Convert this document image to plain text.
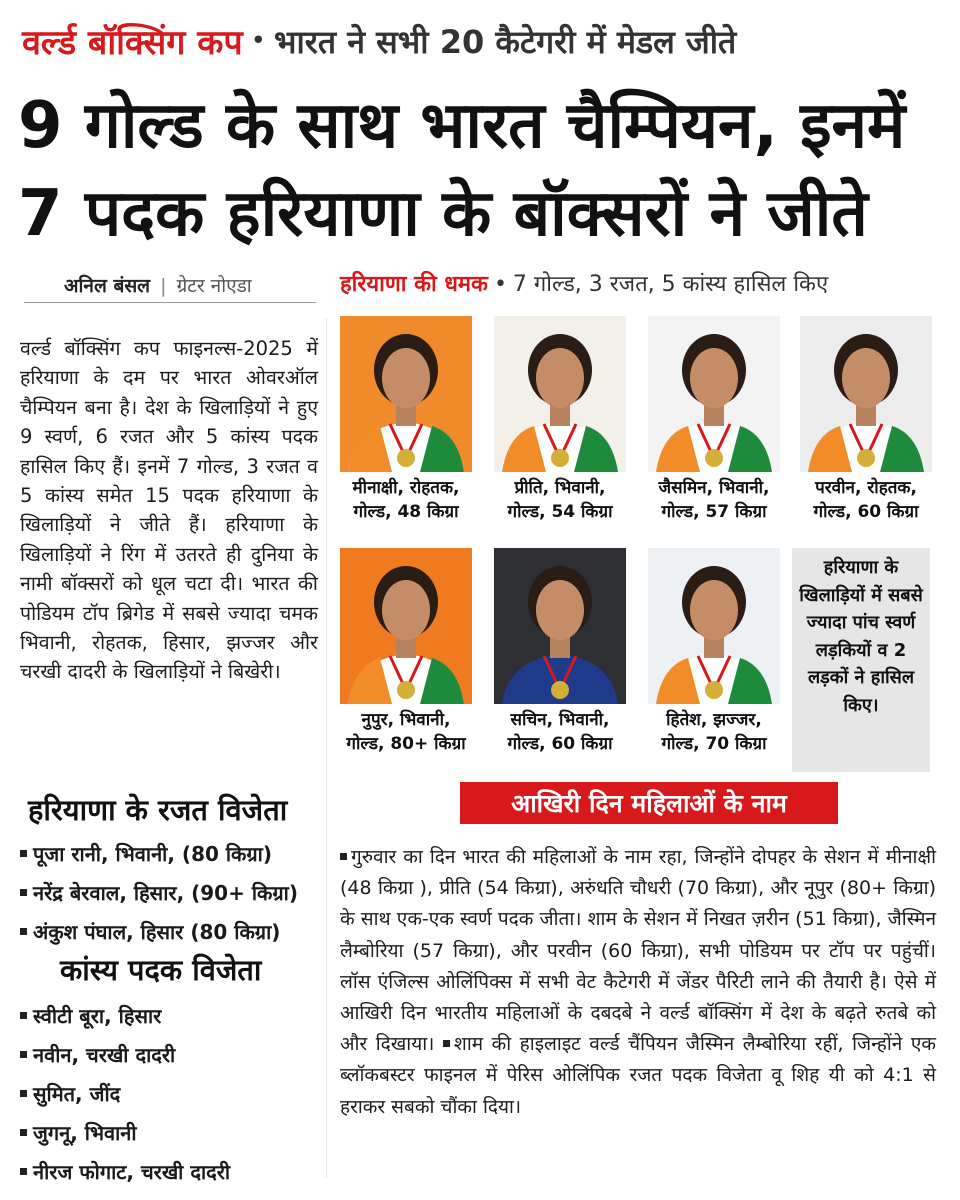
वर्ल्ड बॉक्सिंग कप • भारत ने सभी 20 कैटेगरी में मेडल जीते
9 गोल्ड के साथ भारत चैम्पियन, इनमें
7 पदक हरियाणा के बॉक्सरों ने जीते
अनिल बंसल | ग्रेटर नोएडा
वर्ल्ड बॉक्सिंग कप फाइनल्स-2025 में हरियाणा के दम पर भारत ओवरऑल चैम्पियन बना है। देश के खिलाड़ियों ने हुए 9 स्वर्ण, 6 रजत और 5 कांस्य पदक हासिल किए हैं। इनमें 7 गोल्ड, 3 रजत व 5 कांस्य समेत 15 पदक हरियाणा के खिलाड़ियों ने जीते हैं। हरियाणा के खिलाड़ियों ने रिंग में उतरते ही दुनिया के नामी बॉक्सरों को धूल चटा दी। भारत की पोडियम टॉप ब्रिगेड में सबसे ज्यादा चमक भिवानी, रोहतक, हिसार, झज्जर और चरखी दादरी के खिलाड़ियों ने बिखेरी।
हरियाणा के रजत विजेता
पूजा रानी, भिवानी, (80 किग्रा)
नरेंद्र बेरवाल, हिसार, (90+ किग्रा)
अंकुश पंघाल, हिसार (80 किग्रा)
कांस्य पदक विजेता
स्वीटी बूरा, हिसार
नवीन, चरखी दादरी
सुमित, जींद
जुगनू, भिवानी
नीरज फोगाट, चरखी दादरी
हरियाणा की धमक • 7 गोल्ड, 3 रजत, 5 कांस्य हासिल किए
मीनाक्षी, रोहतक,
गोल्ड, 48 किग्रा
प्रीति, भिवानी,
गोल्ड, 54 किग्रा
जैसमिन, भिवानी,
गोल्ड, 57 किग्रा
परवीन, रोहतक,
गोल्ड, 60 किग्रा
नुपुर, भिवानी,
गोल्ड, 80+ किग्रा
सचिन, भिवानी,
गोल्ड, 60 किग्रा
हितेश, झज्जर,
गोल्ड, 70 किग्रा
हरियाणा के खिलाड़ियों में सबसे ज्यादा पांच स्वर्ण लड़कियों व 2 लड़कों ने हासिल किए।
आखिरी दिन महिलाओं के नाम
गुरुवार का दिन भारत की महिलाओं के नाम रहा, जिन्होंने दोपहर के सेशन में मीनाक्षी (48 किग्रा ), प्रीति (54 किग्रा), अरुंधति चौधरी (70 किग्रा), और नूपुर (80+ किग्रा) के साथ एक-एक स्वर्ण पदक जीता। शाम के सेशन में निखत ज़रीन (51 किग्रा), जैस्मिन लैम्बोरिया (57 किग्रा), और परवीन (60 किग्रा), सभी पोडियम पर टॉप पर पहुंचीं। लॉस एंजिल्स ओलिंपिक्स में सभी वेट कैटेगरी में जेंडर पैरिटी लाने की तैयारी है। ऐसे में आखिरी दिन भारतीय महिलाओं के दबदबे ने वर्ल्ड बॉक्सिंग में देश के बढ़ते रुतबे को और दिखाया। शाम की हाइलाइट वर्ल्ड चैंपियन जैस्मिन लैम्बोरिया रहीं, जिन्होंने एक ब्लॉकबस्टर फाइनल में पेरिस ओलिंपिक रजत पदक विजेता वू शिह यी को 4:1 से हराकर सबको चौंका दिया।
